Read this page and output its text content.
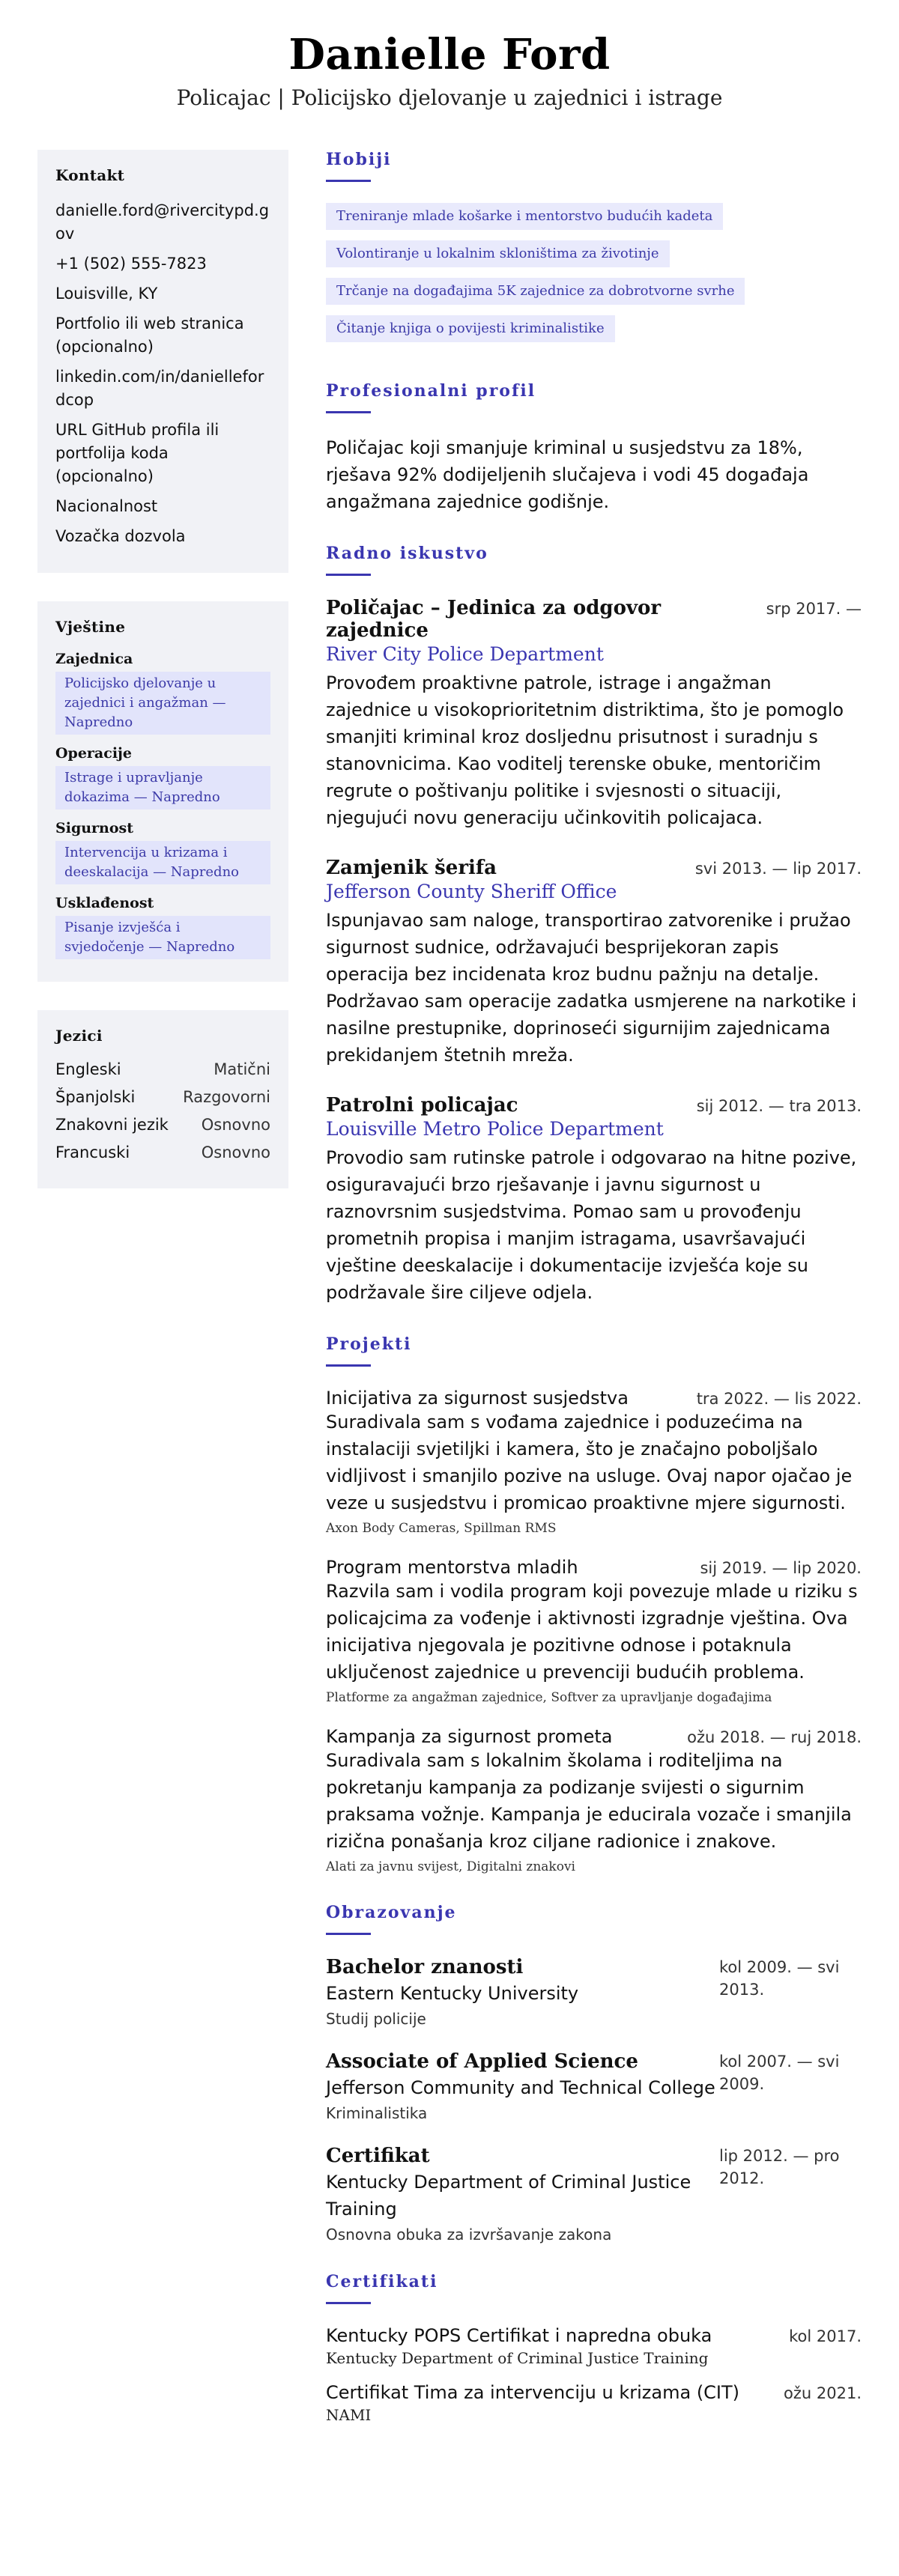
Danielle Ford
Policajac | Policijsko djelovanje u zajednici i istrage
Kontakt
danielle.ford@rivercitypd.gov
+1 (502) 555-7823
Louisville, KY
Portfolio ili web stranica (opcionalno)
linkedin.com/in/daniellefordcop
URL GitHub profila ili portfolija koda (opcionalno)
Nacionalnost
Vozačka dozvola
Vještine
Zajednica
Policijsko djelovanje u zajednici i angažman — Napredno
Operacije
Istrage i upravljanje dokazima — Napredno
Sigurnost
Intervencija u krizama i deeskalacija — Napredno
Usklađenost
Pisanje izvješća i svjedočenje — Napredno
Jezici
Engleski	Matični
Španjolski	Razgovorni
Znakovni jezik Osnovno
Francuski	Osnovno
Hobiji
Treniranje mlade košarke i mentorstvo budućih kadeta
Volontiranje u lokalnim skloništima za životinje
Trčanje na događajima 5K zajednice za dobrotvorne svrhe
Čitanje knjiga o povijesti kriminalistike
Profesionalni profil

Poličajac koji smanjuje kriminal u susjedstvu za 18%, rješava 92% dodijeljenih slučajeva i vodi 45 događaja angažmana zajednice godišnje.

Radno iskustvo
Poličajac – Jedinica za odgovor zajednice
srp 2017. —
River City Police Department

Provođem proaktivne patrole, istrage i angažman zajednice u visokoprioritetnim distriktima, što je pomoglo smanjiti kriminal kroz dosljednu prisutnost i suradnju s stanovnicima. Kao voditelj terenske obuke, mentoričim regrute o poštivanju politike i svjesnosti o situaciji, njegujući novu generaciju učinkovitih policajaca.

Zamjenik šerifa	svi 2013. — lip 2017.
Jefferson County Sheriff Office

Ispunjavao sam naloge, transportirao zatvorenike i pružao sigurnost sudnice, održavajući besprijekoran zapis operacija bez incidenata kroz budnu pažnju na detalje. Podržavao sam operacije zadatka usmjerene na narkotike i nasilne prestupnike, doprinoseći sigurnijim zajednicama prekidanjem štetnih mreža.

Patrolni policajac	sij 2012. — tra 2013.
Louisville Metro Police Department

Provodio sam rutinske patrole i odgovarao na hitne pozive, osiguravajući brzo rješavanje i javnu sigurnost u raznovrsnim susjedstvima. Pomao sam u provođenju prometnih propisa i manjim istragama, usavršavajući vještine deeskalacije i dokumentacije izvješća koje su podržavale šire ciljeve odjela.

Projekti
Inicijativa za sigurnost susjedstva	tra 2022. — lis 2022.

Suradivala sam s vođama zajednice i poduzećima na instalaciji svjetiljki i kamera, što je značajno poboljšalo vidljivost i smanjilo pozive na usluge. Ovaj napor ojačao je veze u susjedstvu i promicao proaktivne mjere sigurnosti.

Axon Body Cameras, Spillman RMS
Program mentorstva mladih	sij 2019. — lip 2020.

Razvila sam i vodila program koji povezuje mlade u riziku s policajcima za vođenje i aktivnosti izgradnje vještina. Ova inicijativa njegovala je pozitivne odnose i potaknula uključenost zajednice u prevenciji budućih problema.

Platforme za angažman zajednice, Softver za upravljanje događajima
Kampanja za sigurnost prometa	ožu 2018. — ruj 2018.

Suradivala sam s lokalnim školama i roditeljima na pokretanju kampanja za podizanje svijesti o sigurnim praksama vožnje. Kampanja je educirala vozače i smanjila rizična ponašanja kroz ciljane radionice i znakove.

Alati za javnu svijest, Digitalni znakovi
Obrazovanje
Bachelor znanosti
Eastern Kentucky University
Studij policije
kol 2009. — svi 2013.
Associate of Applied Science
Jefferson Community and Technical College
Kriminalistika
kol 2007. — svi 2009.
Certifikat
Kentucky Department of Criminal Justice Training
Osnovna obuka za izvršavanje zakona
lip 2012. — pro 2012.
Certifikati
Kentucky POPS Certifikat i napredna obuka	kol 2017.
Kentucky Department of Criminal Justice Training
Certifikat Tima za intervenciju u krizama (CIT)	ožu 2021.
NAMI
